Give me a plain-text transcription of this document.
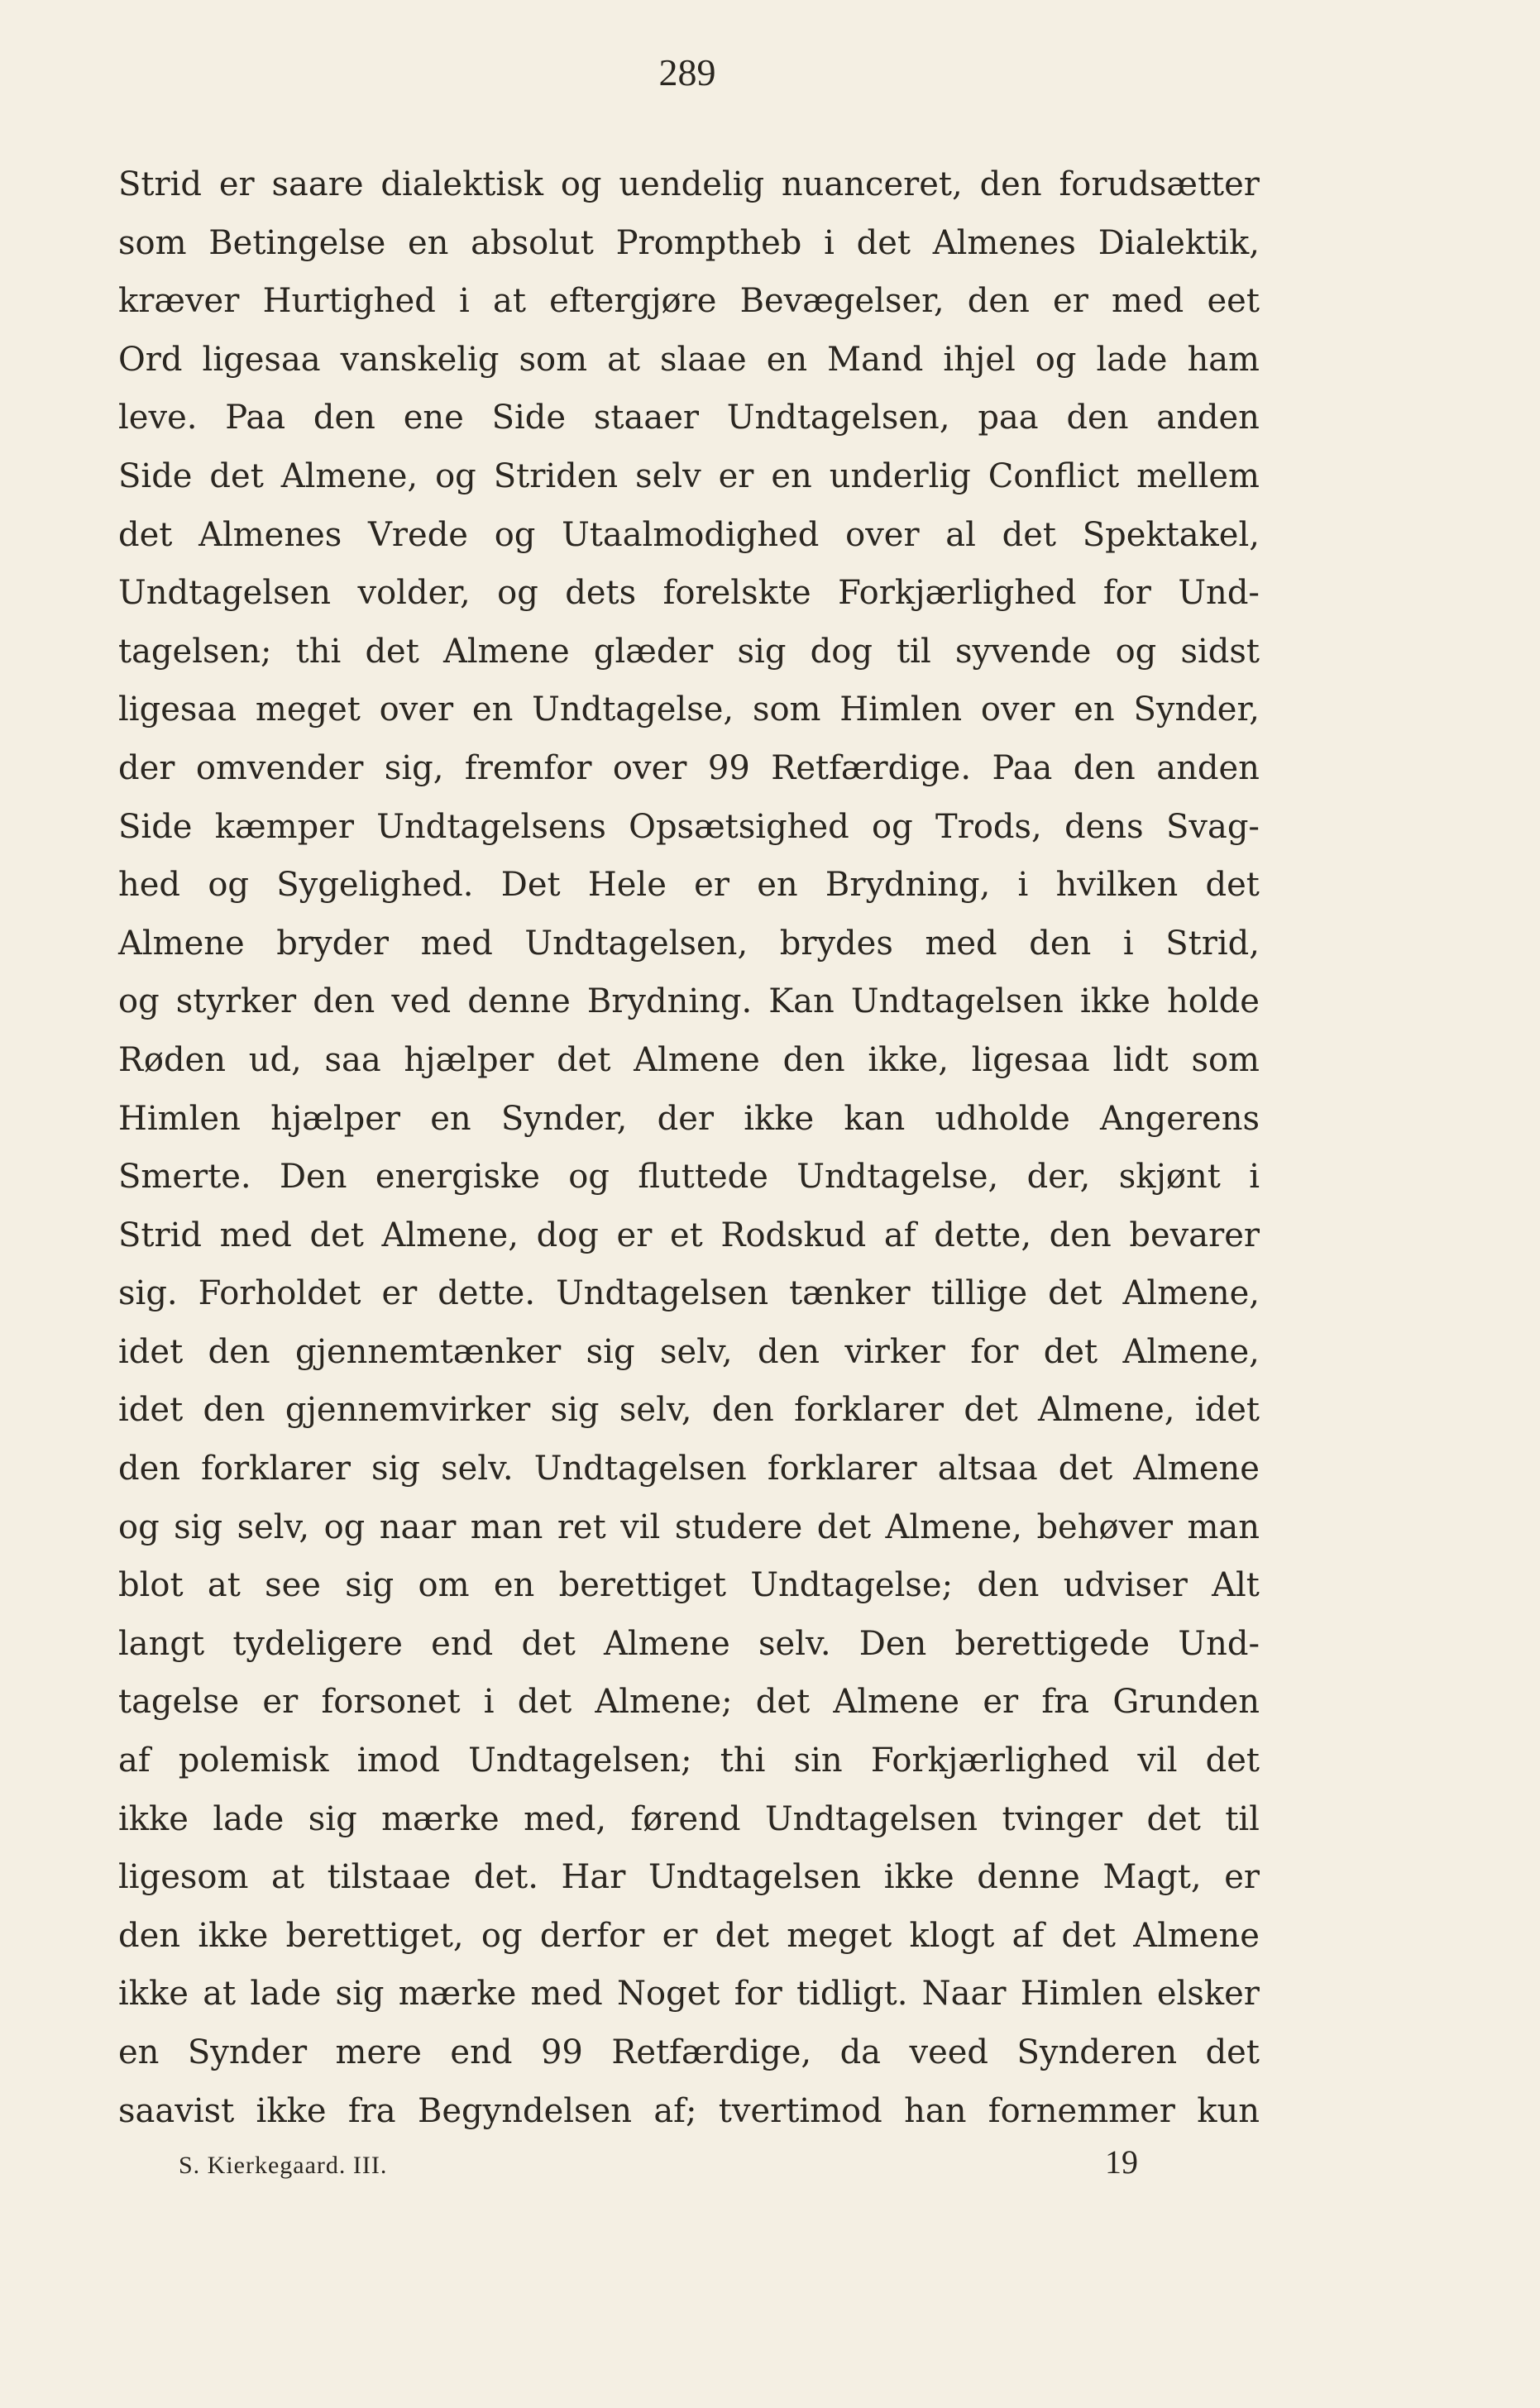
289
Strid er saare dialektisk og uendelig nuanceret, den forudsætter
som Betingelse en absolut Promptheb i det Almenes Dialektik,
kræver Hurtighed i at eftergjøre Bevægelser, den er med eet
Ord ligesaa vanskelig som at slaae en Mand ihjel og lade ham
leve. Paa den ene Side staaer Undtagelsen, paa den anden
Side det Almene, og Striden selv er en underlig Conflict mellem
det Almenes Vrede og Utaalmodighed over al det Spektakel,
Undtagelsen volder, og dets forelskte Forkjærlighed for Und-
tagelsen; thi det Almene glæder sig dog til syvende og sidst
ligesaa meget over en Undtagelse, som Himlen over en Synder,
der omvender sig, fremfor over 99 Retfærdige. Paa den anden
Side kæmper Undtagelsens Opsætsighed og Trods, dens Svag-
hed og Sygelighed. Det Hele er en Brydning, i hvilken det
Almene bryder med Undtagelsen, brydes med den i Strid,
og styrker den ved denne Brydning. Kan Undtagelsen ikke holde
Røden ud, saa hjælper det Almene den ikke, ligesaa lidt som
Himlen hjælper en Synder, der ikke kan udholde Angerens
Smerte. Den energiske og fluttede Undtagelse, der, skjønt i
Strid med det Almene, dog er et Rodskud af dette, den bevarer
sig. Forholdet er dette. Undtagelsen tænker tillige det Almene,
idet den gjennemtænker sig selv, den virker for det Almene,
idet den gjennemvirker sig selv, den forklarer det Almene, idet
den forklarer sig selv. Undtagelsen forklarer altsaa det Almene
og sig selv, og naar man ret vil studere det Almene, behøver man
blot at see sig om en berettiget Undtagelse; den udviser Alt
langt tydeligere end det Almene selv. Den berettigede Und-
tagelse er forsonet i det Almene; det Almene er fra Grunden
af polemisk imod Undtagelsen; thi sin Forkjærlighed vil det
ikke lade sig mærke med, førend Undtagelsen tvinger det til
ligesom at tilstaae det. Har Undtagelsen ikke denne Magt, er
den ikke berettiget, og derfor er det meget klogt af det Almene
ikke at lade sig mærke med Noget for tidligt. Naar Himlen elsker
en Synder mere end 99 Retfærdige, da veed Synderen det
saavist ikke fra Begyndelsen af; tvertimod han fornemmer kun
S. Kierkegaard. III.	19
